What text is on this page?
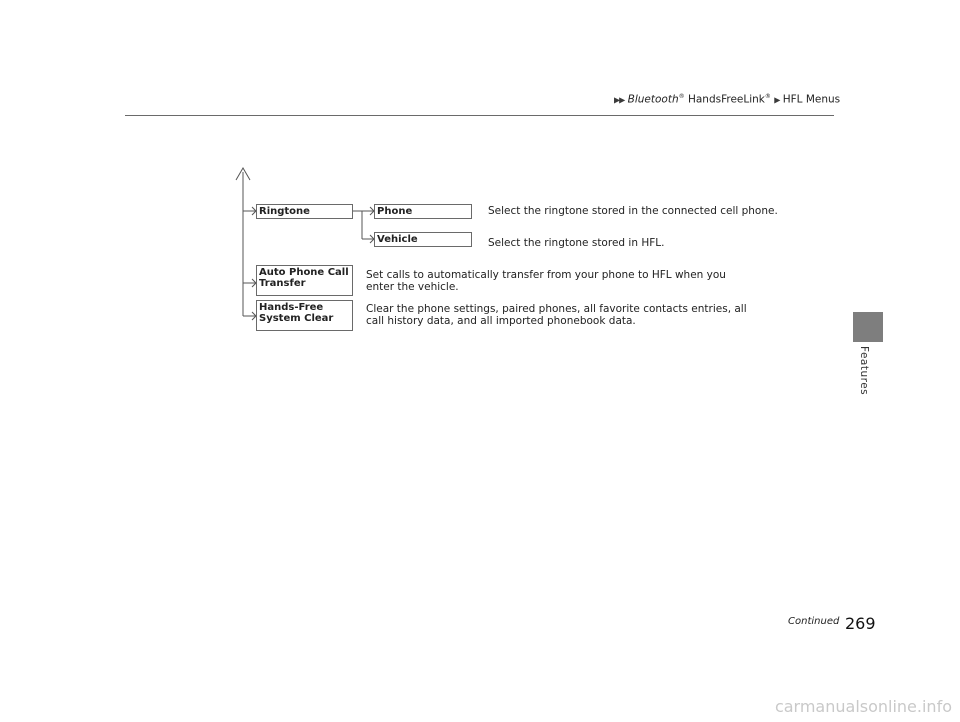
▶▶ Bluetooth® HandsFreeLink® ▶ HFL Menus
Features
Ringtone	Phone	Select the ringtone stored in the connected cell phone.
Vehicle	Select the ringtone stored in HFL.
Auto Phone Call
Transfer
Set calls to automatically transfer from your phone to HFL when you
enter the vehicle.
Hands-Free
System Clear
Clear the phone settings, paired phones, all favorite contacts entries, all
call history data, and all imported phonebook data.
Continued 269
carmanualsonline.info
